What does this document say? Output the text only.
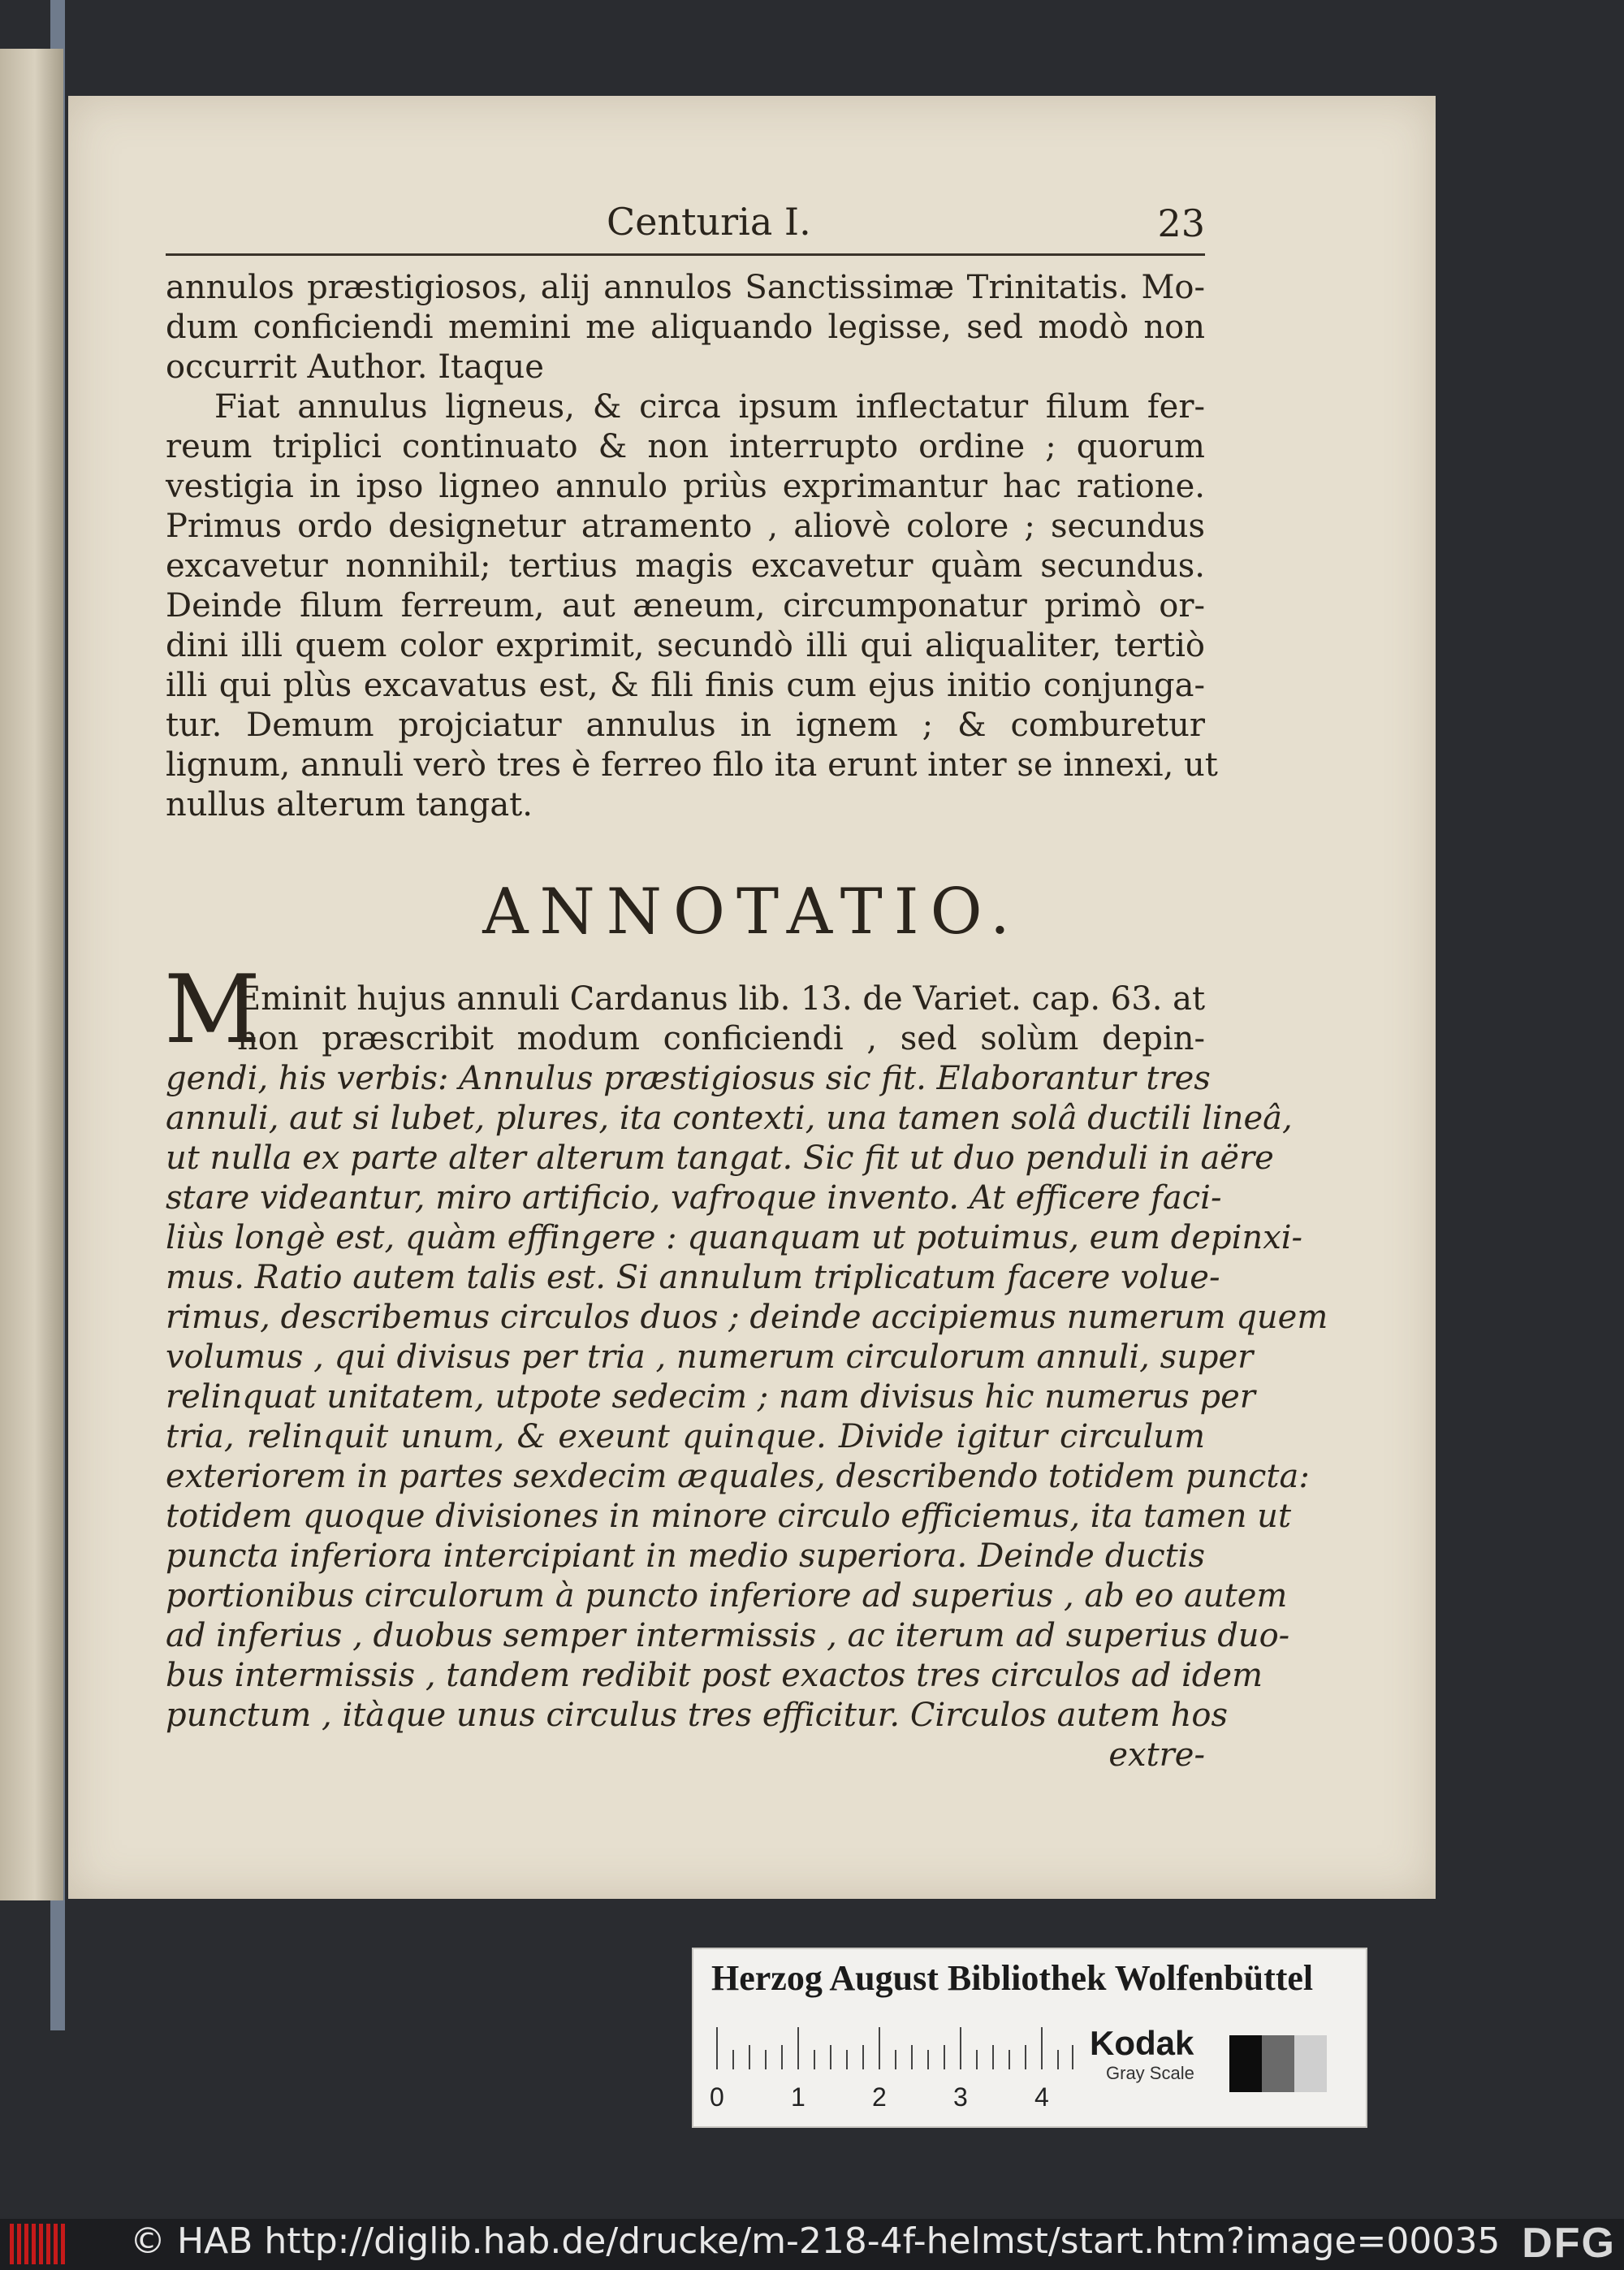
Centuria I.	23
annulos præstigiosos, alij annulos Sanctissimæ Trinitatis. Mo-
dum conficiendi memini me aliquando legisse, sed modò non
occurrit Author. Itaque
Fiat annulus ligneus, & circa ipsum inflectatur filum fer-
reum triplici continuato & non interrupto ordine ; quorum
vestigia in ipso ligneo annulo priùs exprimantur hac ratione.
Primus ordo designetur atramento , aliovè colore ; secundus
excavetur nonnihil; tertius magis excavetur quàm secundus.
Deinde filum ferreum, aut æneum, circumponatur primò or-
dini illi quem color exprimit, secundò illi qui aliqualiter, tertiò
illi qui plùs excavatus est, & fili finis cum ejus initio conjunga-
tur. Demum projciatur annulus in ignem ; & comburetur
lignum, annuli verò tres è ferreo filo ita erunt inter se innexi, ut
nullus alterum tangat.
ANNOTATIO.
M
Eminit hujus annuli Cardanus lib. 13. de Variet. cap. 63. at
non præscribit modum conficiendi , sed solùm depin-
gendi, his verbis: Annulus præstigiosus sic fit. Elaborantur tres
annuli, aut si lubet, plures, ita contexti, una tamen solâ ductili lineâ,
ut nulla ex parte alter alterum tangat. Sic fit ut duo penduli in aëre
stare videantur, miro artificio, vafroque invento. At efficere faci-
liùs longè est, quàm effingere : quanquam ut potuimus, eum depinxi-
mus. Ratio autem talis est. Si annulum triplicatum facere volue-
rimus, describemus circulos duos ; deinde accipiemus numerum quem
volumus , qui divisus per tria , numerum circulorum annuli, super
relinquat unitatem, utpote sedecim ; nam divisus hic numerus per
tria, relinquit unum, & exeunt quinque. Divide igitur circulum
exteriorem in partes sexdecim æquales, describendo totidem puncta:
totidem quoque divisiones in minore circulo efficiemus, ita tamen ut
puncta inferiora intercipiant in medio superiora. Deinde ductis
portionibus circulorum à puncto inferiore ad superius , ab eo autem
ad inferius , duobus semper intermissis , ac iterum ad superius duo-
bus intermissis , tandem redibit post exactos tres circulos ad idem
punctum , itàque unus circulus tres efficitur. Circulos autem hos
extre-
Herzog August Bibliothek Wolfenbüttel
0	1	2	3	4
Kodak
Gray Scale
© HAB http://diglib.hab.de/drucke/m-218-4f-helmst/start.htm?image=00035 DFG
